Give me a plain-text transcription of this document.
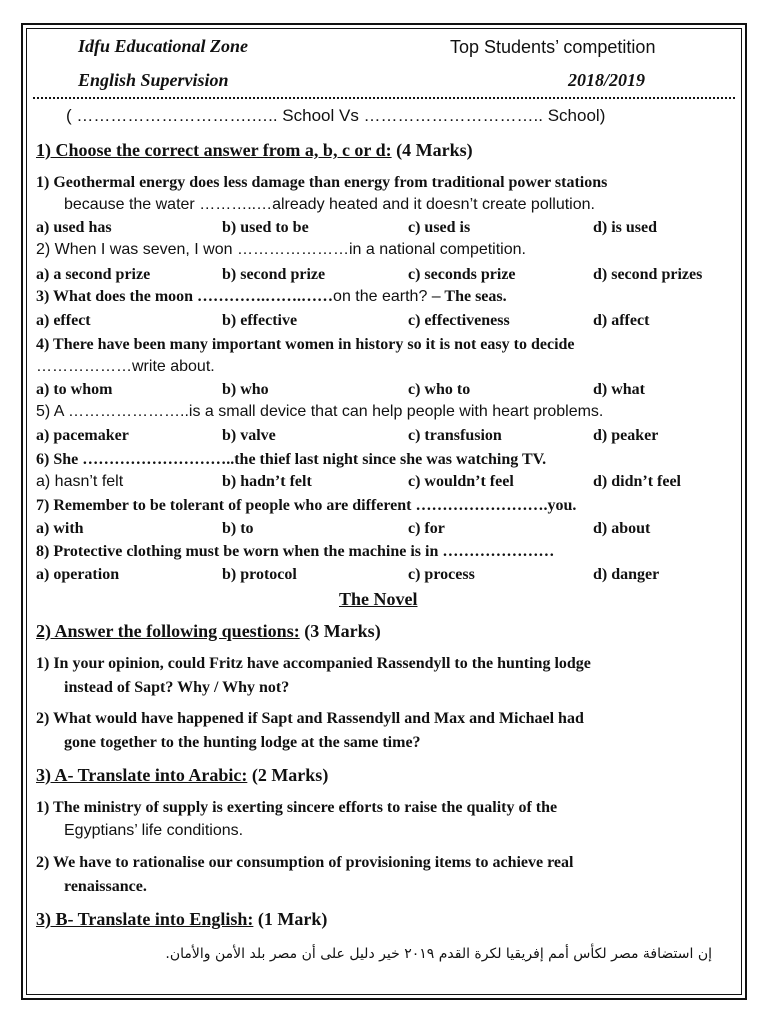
Idfu Educational Zone	Top Students’ competition
English Supervision	2018/2019
( ………………………….….. School Vs ………………………….. School)
1) Choose the correct answer from a, b, c or d: (4 Marks)
1) Geothermal energy does less damage than energy from traditional power stations
because the water ………..…already heated and it doesn’t create pollution.
a) used has	b) used to be	c) used is	d) is used
2) When I was seven, I won …………………in a national competition.
a) a second prize	b) second prize	c) seconds prize	d) second prizes
3) What does the moon ………….…….……on the earth? – The seas.
a) effect	b) effective	c) effectiveness	d) affect
4) There have been many important women in history so it is not easy to decide
………………write about.
a) to whom	b) who	c) who to	d) what
5) A …………………..is a small device that can help people with heart problems.
a) pacemaker	b) valve	c) transfusion	d) peaker
6) She ………………………..the thief last night since she was watching TV.
a) hasn’t felt	b) hadn’t felt	c) wouldn’t feel	d) didn’t feel
7) Remember to be tolerant of people who are different …………………….you.
a) with	b) to	c) for	d) about
8) Protective clothing must be worn when the machine is in …………………
a) operation	b) protocol	c) process	d) danger
The Novel
2) Answer the following questions: (3 Marks)
1) In your opinion, could Fritz have accompanied Rassendyll to the hunting lodge
instead of Sapt? Why / Why not?
2) What would have happened if Sapt and Rassendyll and Max and Michael had
gone together to the hunting lodge at the same time?
3) A- Translate into Arabic: (2 Marks)
1) The ministry of supply is exerting sincere efforts to raise the quality of the
Egyptians’ life conditions.
2) We have to rationalise our consumption of provisioning items to achieve real
renaissance.
3) B- Translate into English: (1 Mark)
إن استضافة مصر لكأس أمم إفريقيا لكرة القدم ٢٠١٩ خير دليل على أن مصر بلد الأمن والأمان.
